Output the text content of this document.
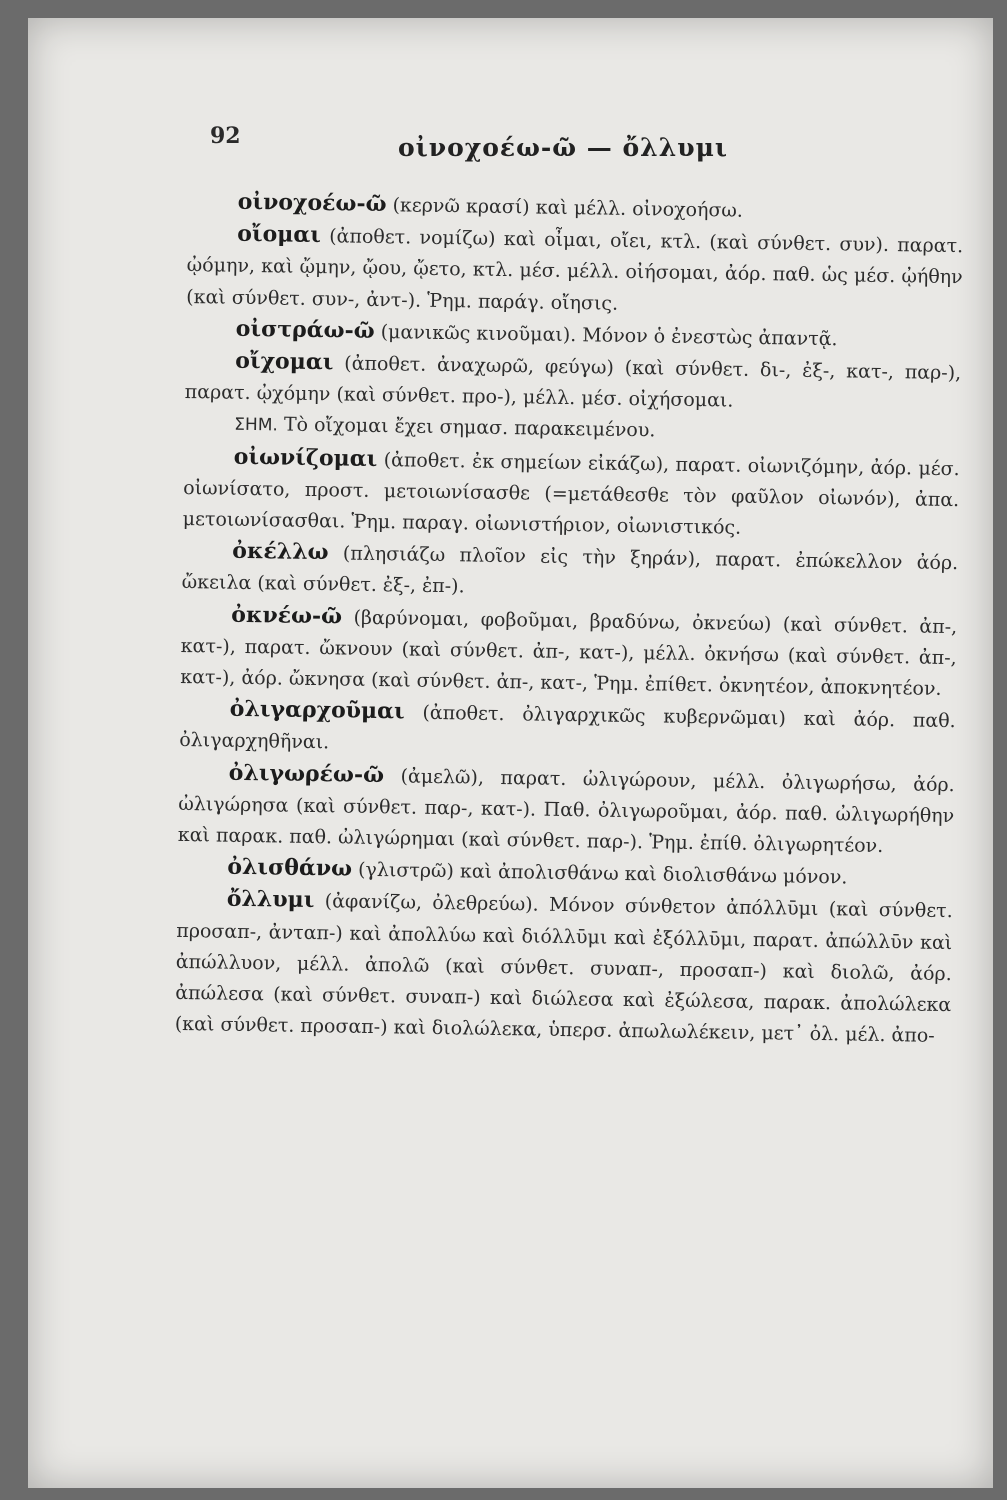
92	οἰνοχοέω-ῶ — ὄλλυμι

οἰνοχοέω-ῶ (κερνῶ κρασί) καὶ μέλλ. οἰνοχοήσω.

οἴομαι (ἀποθετ. νομίζω) καὶ οἶμαι, οἴει, κτλ. (καὶ σύνθετ. συν). παρατ. ᾠόμην, καὶ ᾤμην, ᾤου, ᾤετο, κτλ. μέσ. μέλλ. οἰήσομαι, ἀόρ. παθ. ὡς μέσ. ᾠήθην (καὶ σύνθετ. συν-, ἀντ-). Ῥημ. παράγ. οἴησις.

οἰστράω-ῶ (μανικῶς κινοῦμαι). Μόνον ὁ ἐνεστὼς ἀπαντᾷ.

οἴχομαι (ἀποθετ. ἀναχωρῶ, φεύγω) (καὶ σύνθετ. δι-, ἐξ-, κατ-, παρ-), παρατ. ᾠχόμην (καὶ σύνθετ. προ-), μέλλ. μέσ. οἰχήσομαι.

ΣΗΜ. Τὸ οἴχομαι ἔχει σημασ. παρακειμένου.

οἰωνίζομαι (ἀποθετ. ἐκ σημείων εἰκάζω), παρατ. οἰωνιζόμην, ἀόρ. μέσ. οἰωνίσατο, προστ. μετοιωνίσασθε (=μετάθεσθε τὸν φαῦλον οἰωνόν), ἀπα. μετοιωνίσασθαι. Ῥημ. παραγ. οἰωνιστήριον, οἰωνιστικός.

ὀκέλλω (πλησιάζω πλοῖον εἰς τὴν ξηράν), παρατ. ἐπώκελλον ἀόρ. ὤκειλα (καὶ σύνθετ. ἐξ-, ἐπ-).

ὀκνέω-ῶ (βαρύνομαι, φοβοῦμαι, βραδύνω, ὀκνεύω) (καὶ σύνθετ. ἀπ-, κατ-), παρατ. ὤκνουν (καὶ σύνθετ. ἀπ-, κατ-), μέλλ. ὀκνήσω (καὶ σύνθετ. ἀπ-, κατ-), ἀόρ. ὤκνησα (καὶ σύνθετ. ἀπ-, κατ-, Ῥημ. ἐπίθετ. ὀκνητέον, ἀποκνητέον.

ὀλιγαρχοῦμαι (ἀποθετ. ὀλιγαρχικῶς κυβερνῶμαι) καὶ ἀόρ. παθ. ὀλιγαρχηθῆναι.

ὀλιγωρέω-ῶ (ἀμελῶ), παρατ. ὠλιγώρουν, μέλλ. ὀλιγωρήσω, ἀόρ. ὠλιγώρησα (καὶ σύνθετ. παρ-, κατ-). Παθ. ὀλιγωροῦμαι, ἀόρ. παθ. ὠλιγωρήθην καὶ παρακ. παθ. ὠλιγώρημαι (καὶ σύνθετ. παρ-). Ῥημ. ἐπίθ. ὀλιγωρητέον.

ὀλισθάνω (γλιστρῶ) καὶ ἀπολισθάνω καὶ διολισθάνω μόνον.

ὄλλυμι (ἀφανίζω, ὀλεθρεύω). Μόνον σύνθετον ἀπόλλῡμι (καὶ σύνθετ. προσαπ-, ἀνταπ-) καὶ ἀπολλύω καὶ διόλλῡμι καὶ ἐξόλλῡμι, παρατ. ἀπώλλῡν καὶ ἀπώλλυον, μέλλ. ἀπολῶ (καὶ σύνθετ. συναπ-, προσαπ-) καὶ διολῶ, ἀόρ. ἀπώλεσα (καὶ σύνθετ. συναπ-) καὶ διώλεσα καὶ ἐξώλεσα, παρακ. ἀπολώλεκα (καὶ σύνθετ. προσαπ-) καὶ διολώλεκα, ὑπερσ. ἀπωλωλέκειν, μετ᾽ ὀλ. μέλ. ἀπο-
